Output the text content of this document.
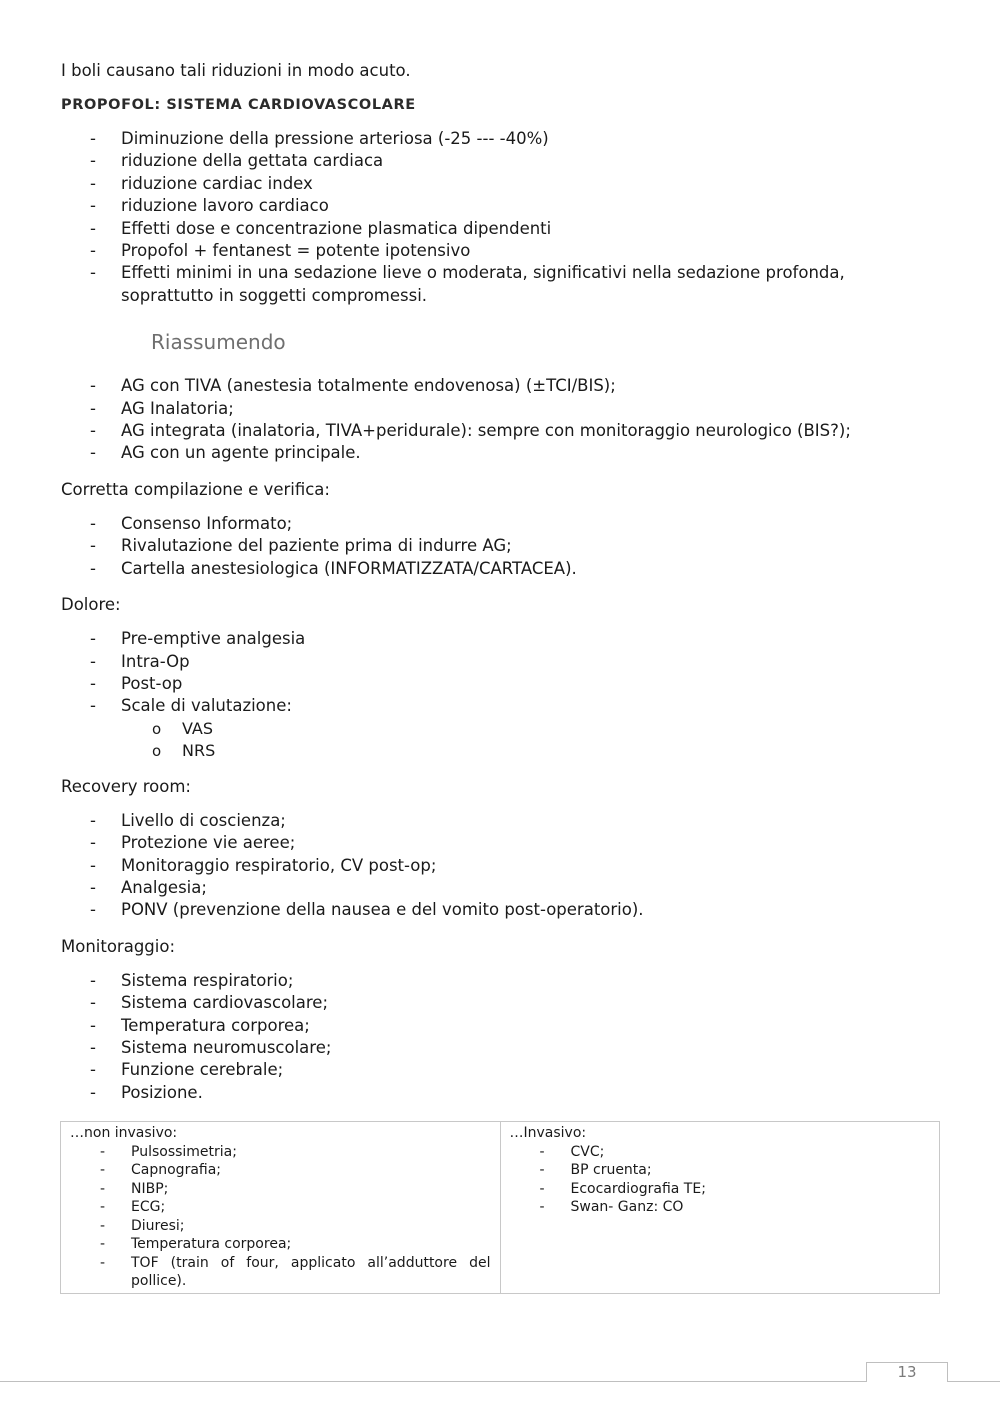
I boli causano tali riduzioni in modo acuto.

PROPOFOL: SISTEMA CARDIOVASCOLARE

- Diminuzione della pressione arteriosa (-25 --- -40%)
- riduzione della gettata cardiaca
- riduzione cardiac index
- riduzione lavoro cardiaco
- Effetti dose e concentrazione plasmatica dipendenti
- Propofol + fentanest = potente ipotensivo
- Effetti minimi in una sedazione lieve o moderata, significativi nella sedazione profonda, soprattutto in soggetti compromessi.

Riassumendo

- AG con TIVA (anestesia totalmente endovenosa) (±TCI/BIS);
- AG Inalatoria;
- AG integrata (inalatoria, TIVA+peridurale): sempre con monitoraggio neurologico (BIS?);
- AG con un agente principale.

Corretta compilazione e verifica:

- Consenso Informato;
- Rivalutazione del paziente prima di indurre AG;
- Cartella anestesiologica (INFORMATIZZATA/CARTACEA).

Dolore:

- Pre-emptive analgesia
- Intra-Op
- Post-op
- Scale di valutazione:
o VAS
o NRS

Recovery room:

- Livello di coscienza;
- Protezione vie aeree;
- Monitoraggio respiratorio, CV post-op;
- Analgesia;
- PONV (prevenzione della nausea e del vomito post-operatorio).

Monitoraggio:

- Sistema respiratorio;
- Sistema cardiovascolare;
- Temperatura corporea;
- Sistema neuromuscolare;
- Funzione cerebrale;
- Posizione.
…non invasivo:
- Pulsossimetria;
- Capnografia;
- NIBP;
- ECG;
- Diuresi;
- Temperatura corporea;
- TOF (train of four, applicato all’adduttore del pollice).

…Invasivo:
- CVC;
- BP cruenta;
- Ecocardiografia TE;
- Swan- Ganz: CO
13
